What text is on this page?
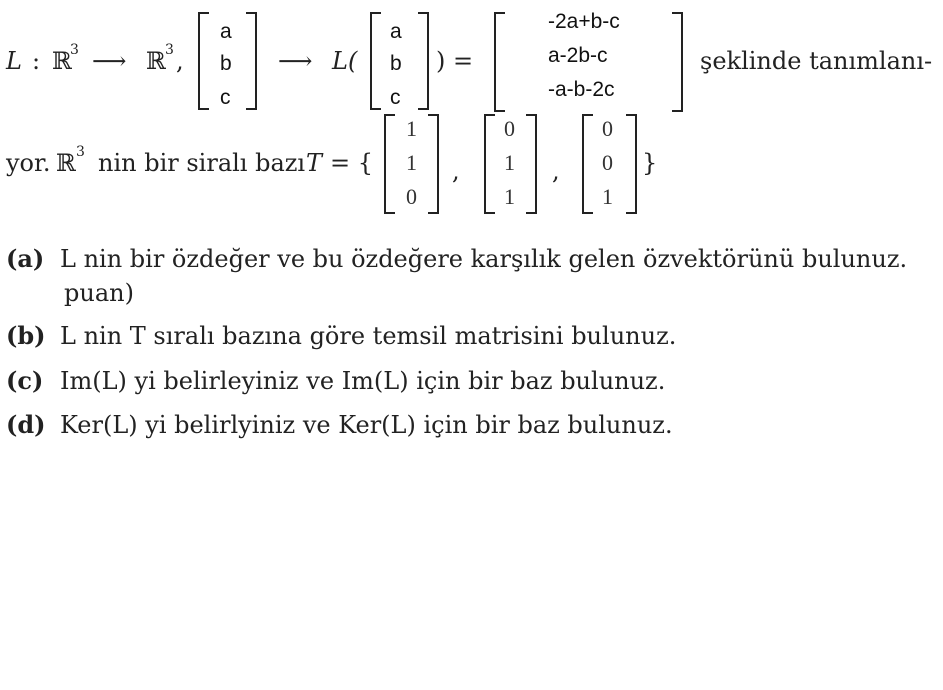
L : ℝ
3 ⟶ ℝ 3 ,
a
b
c
⟶ L(
a
b
c
) =
-2a+b-c
a-2b-c
-a-b-2c
şeklinde tanımlanı-
yor. ℝ 3 nin bir siralı bazı T = {
1
1
0
,
0
1
1
,
0
0
1
}
(a) L nin bir özdeğer ve bu özdeğere karşılık gelen özvektörünü bulunuz.
puan)
(b) L nin T sıralı bazına göre temsil matrisini bulunuz.
(c) Im(L) yi belirleyiniz ve Im(L) için bir baz bulunuz.
(d) Ker(L) yi belirlyiniz ve Ker(L) için bir baz bulunuz.
